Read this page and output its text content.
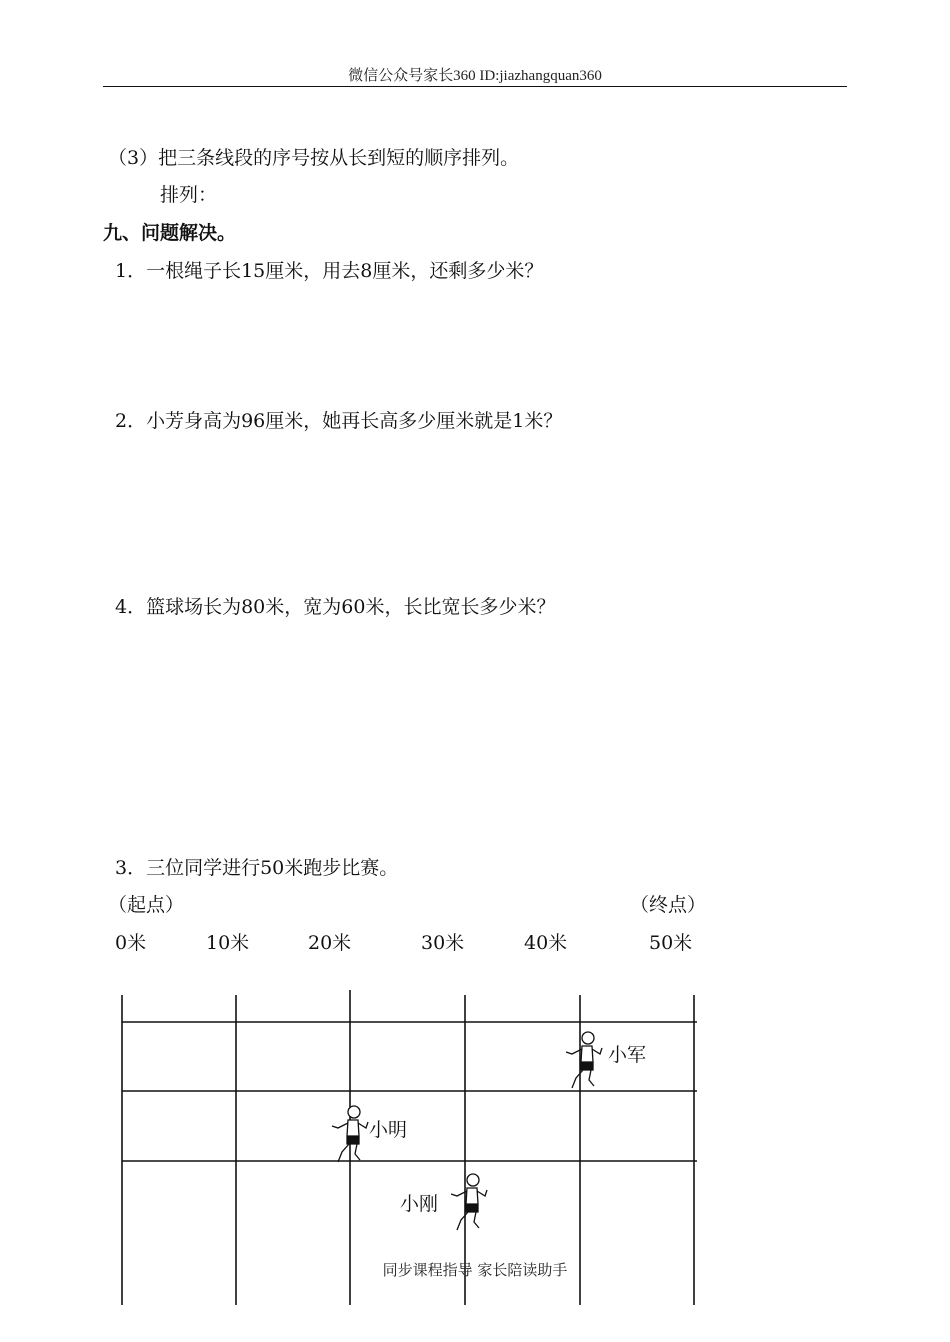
微信公众号家长360 ID:jiazhangquan360
（3）把三条线段的序号按从长到短的顺序排列。
排列：
九、问题解决。
1．一根绳子长15厘米，用去8厘米，还剩多少米？
2．小芳身高为96厘米，她再长高多少厘米就是1米？
4．篮球场长为80米，宽为60米，长比宽长多少米？
3．三位同学进行50米跑步比赛。
（起点）	（终点）
0米	10米	20米	30米	40米	50米
小军
小明
小刚
同步课程指导 家长陪读助手
